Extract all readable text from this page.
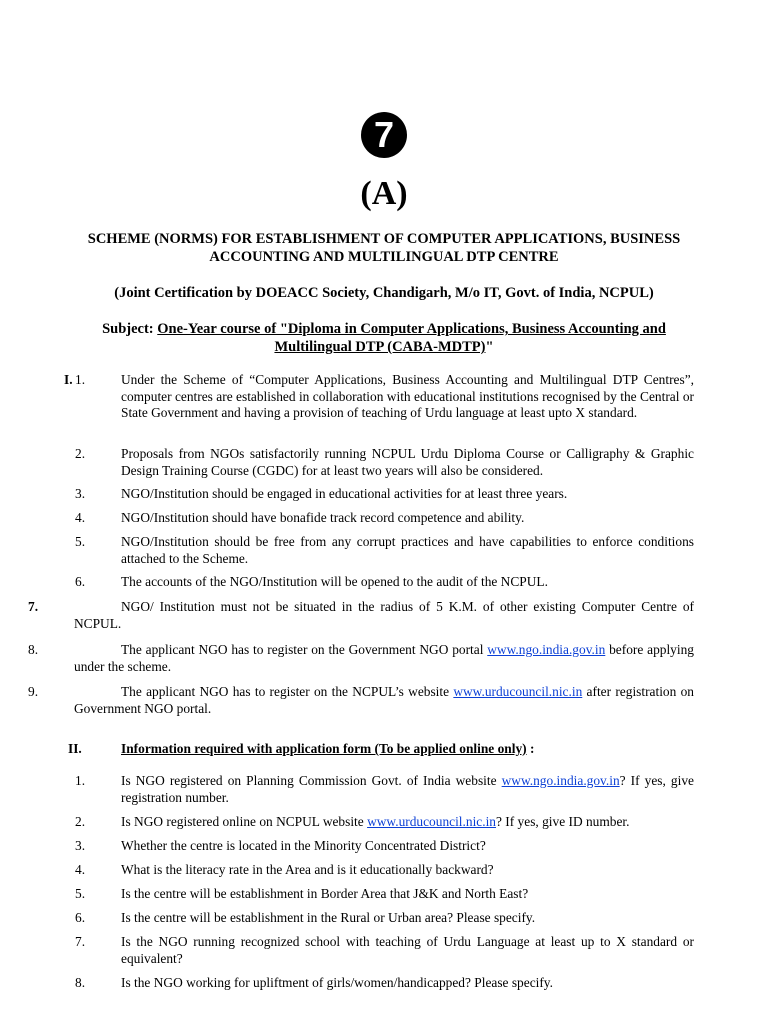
7
(A)
SCHEME (NORMS) FOR ESTABLISHMENT OF COMPUTER APPLICATIONS, BUSINESS
ACCOUNTING AND MULTILINGUAL DTP CENTRE
(Joint Certification by DOEACC Society, Chandigarh, M/o IT, Govt. of India, NCPUL)
Subject: One-Year course of "Diploma in Computer Applications, Business Accounting and
Multilingual DTP (CABA-MDTP)"
I. 1.	Under the Scheme of “Computer Applications, Business Accounting and Multilingual DTP Centres”, computer centres are established in collaboration with educational institutions recognised by the Central or State Government and having a provision of teaching of Urdu language at least upto X standard.
2.	Proposals from NGOs satisfactorily running NCPUL Urdu Diploma Course or Calligraphy & Graphic Design Training Course (CGDC) for at least two years will also be considered.
3.	NGO/Institution should be engaged in educational activities for at least three years.
4.	NGO/Institution should have bonafide track record competence and ability.
5.	NGO/Institution should be free from any corrupt practices and have capabilities to enforce conditions attached to the Scheme.
6.	The accounts of the NGO/Institution will be opened to the audit of the NCPUL.
7.	NGO/ Institution must not be situated in the radius of 5 K.M. of other existing Computer Centre of NCPUL.
8.	The applicant NGO has to register on the Government NGO portal www.ngo.india.gov.in before applying under the scheme.
9.	The applicant NGO has to register on the NCPUL’s website www.urducouncil.nic.in after registration on Government NGO portal.
II.	Information required with application form (To be applied online only) :
1.	Is NGO registered on Planning Commission Govt. of India website www.ngo.india.gov.in? If yes, give registration number.
2.	Is NGO registered online on NCPUL website www.urducouncil.nic.in? If yes, give ID number.
3.	Whether the centre is located in the Minority Concentrated District?
4.	What is the literacy rate in the Area and is it educationally backward?
5.	Is the centre will be establishment in Border Area that J&K and North East?
6.	Is the centre will be establishment in the Rural or Urban area? Please specify.
7.	Is the NGO running recognized school with teaching of Urdu Language at least up to X standard or equivalent?
8.	Is the NGO working for upliftment of girls/women/handicapped? Please specify.
